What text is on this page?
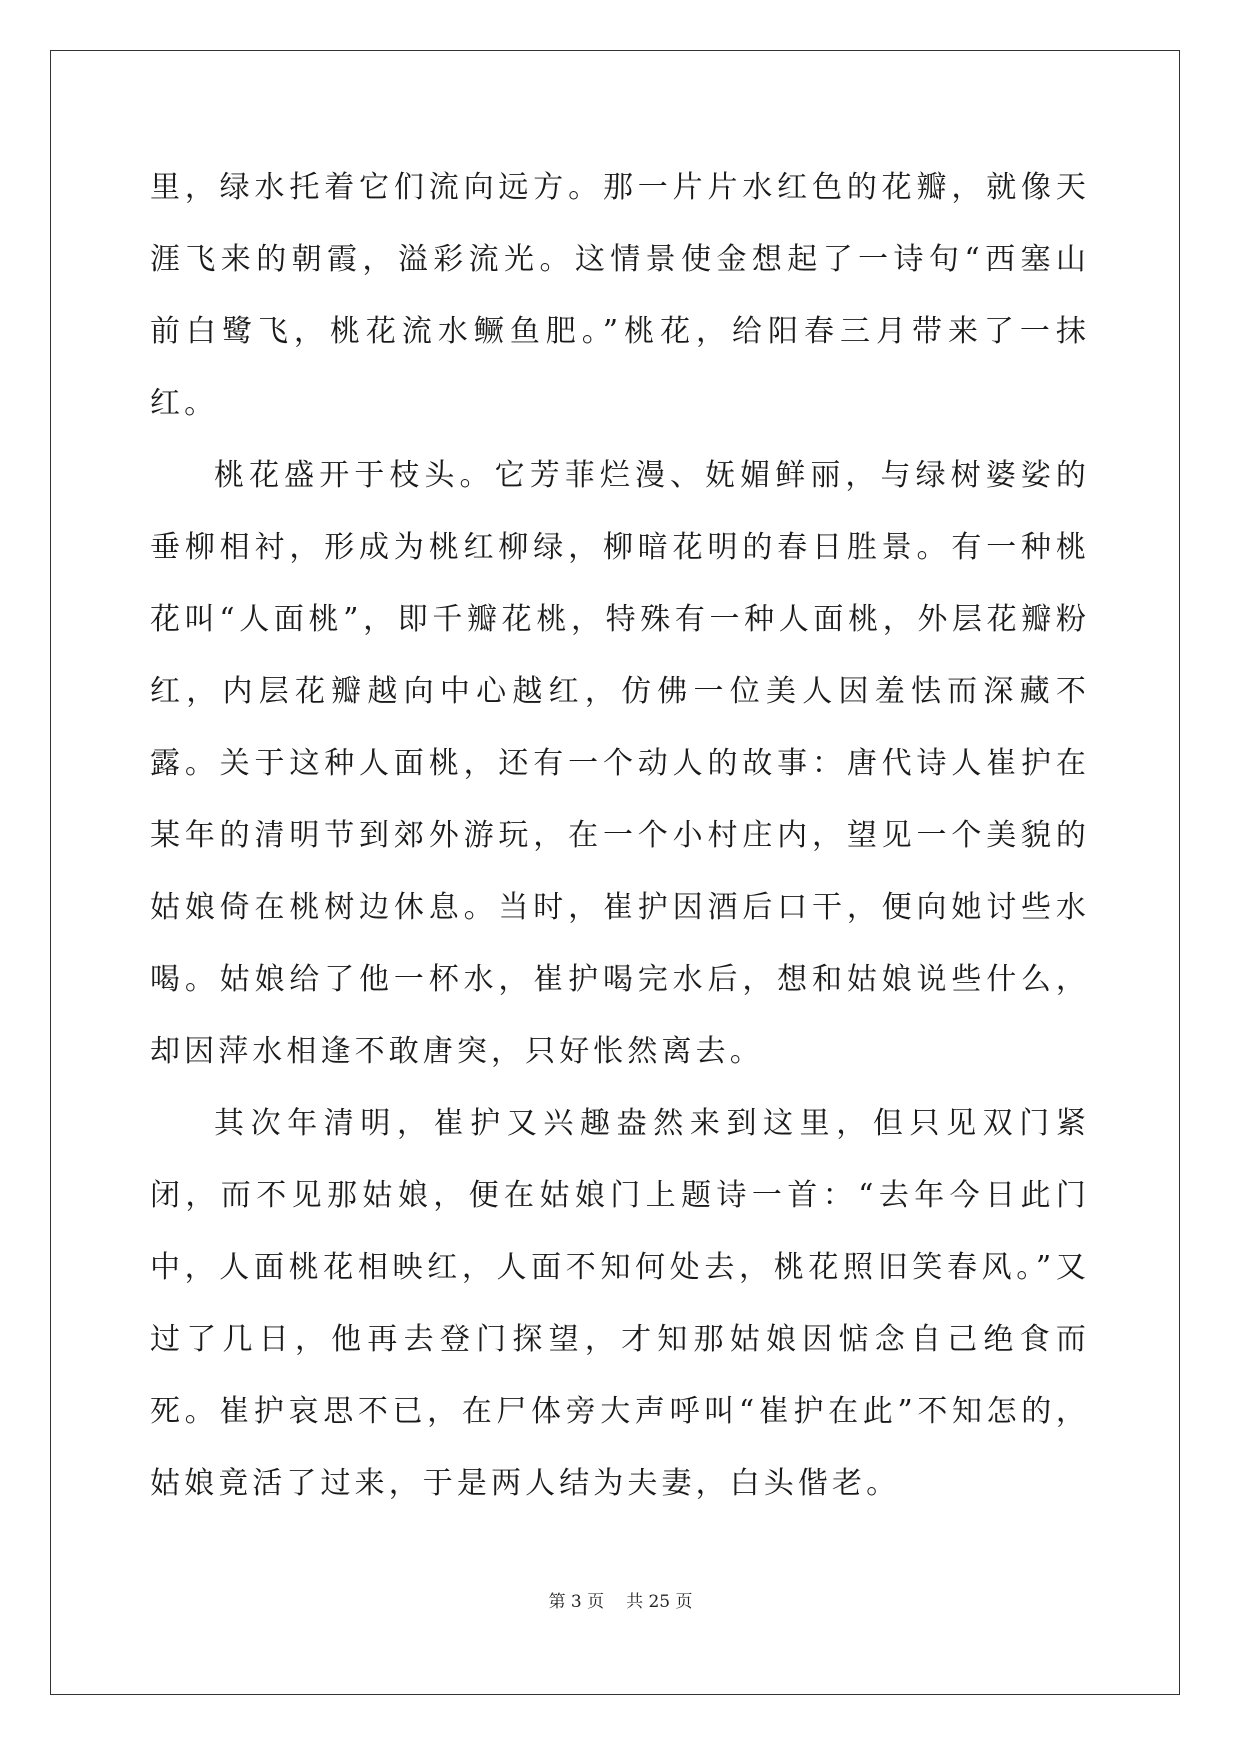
里，绿水托着它们流向远方。那一片片水红色的花瓣，就像天涯飞来的朝霞，溢彩流光。这情景使金想起了一诗句“西塞山前白鹭飞，桃花流水鳜鱼肥。”桃花，给阳春三月带来了一抹红。

桃花盛开于枝头。它芳菲烂漫、妩媚鲜丽，与绿树婆娑的垂柳相衬，形成为桃红柳绿，柳暗花明的春日胜景。有一种桃花叫“人面桃”，即千瓣花桃，特殊有一种人面桃，外层花瓣粉红，内层花瓣越向中心越红，仿佛一位美人因羞怯而深藏不露。关于这种人面桃，还有一个动人的故事：唐代诗人崔护在某年的清明节到郊外游玩，在一个小村庄内，望见一个美貌的姑娘倚在桃树边休息。当时，崔护因酒后口干，便向她讨些水喝。姑娘给了他一杯水，崔护喝完水后，想和姑娘说些什么，却因萍水相逢不敢唐突，只好怅然离去。

其次年清明，崔护又兴趣盎然来到这里，但只见双门紧闭，而不见那姑娘，便在姑娘门上题诗一首：“去年今日此门中，人面桃花相映红，人面不知何处去，桃花照旧笑春风。”又过了几日，他再去登门探望，才知那姑娘因惦念自己绝食而死。崔护哀思不已，在尸体旁大声呼叫“崔护在此”不知怎的，姑娘竟活了过来，于是两人结为夫妻，白头偕老。

第 3 页 共 25 页
